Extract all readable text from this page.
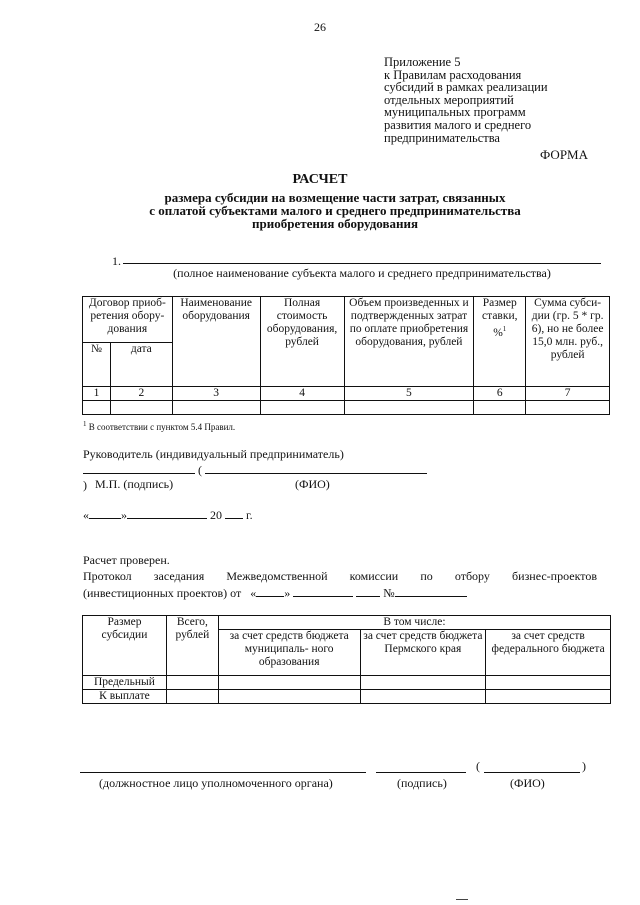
26
Приложение 5
к Правилам расходования
субсидий в рамках реализации
отдельных мероприятий
муниципальных программ
развития малого и среднего
предпринимательства
ФОРМА
РАСЧЕТ
размера субсидии на возмещение части затрат, связанных
с оплатой субъектами малого и среднего предпринимательства
приобретения оборудования
1.
(полное наименование субъекта малого и среднего предпринимательства)
Договор приоб- ретения обору- дования		Наименование оборудования	Полная стоимость оборудования, рублей	Объем произведенных и подтвержденных затрат по оплате приобретения оборудования, рублей	Размер ставки, %$^1$	Сумма субси- дии (гр. 5 * гр. 6), но не более 15,0 млн. руб., рублей
№	дата					
1	2	3	4	5	6	7

$^1$ В соответствии с пунктом 5.4 Правил.
Руководитель (индивидуальный предприниматель)
(  ) М.П. (подпись)	(ФИО)
«	»	20 г.
Расчет проверен.
Протокол заседания Межведомственной комиссии по отбору бизнес-проектов
(инвестиционных проектов) от « »	№
Размер субсидии	Всего, рублей	В том числе:		
		за счет средств бюджета муниципаль- ного образования	за счет средств бюджета Пермского края	за счет средств федерального бюджета
Предельный				
К выплате				
(	)
(должностное лицо уполномоченного органа)	(подпись)	(ФИО)
